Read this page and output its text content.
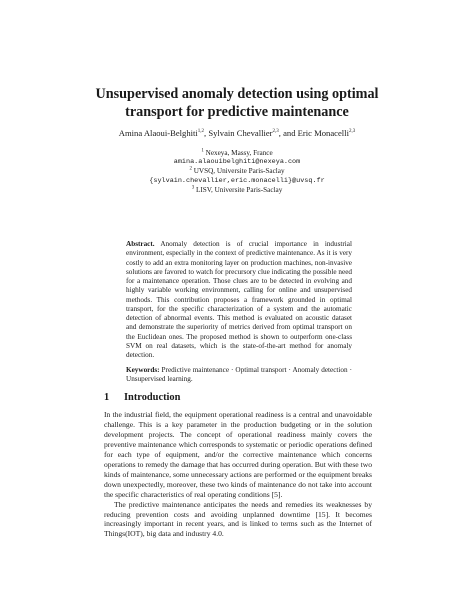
Unsupervised anomaly detection using optimal
transport for predictive maintenance
Amina Alaoui-Belghiti$^{1,2}$, Sylvain Chevallier$^{2,3}$, and Eric Monacelli$^{2,3}$
$^1$ Nexeya, Massy, France
amina.alaouibelghiti@nexeya.com
$^2$ UVSQ, Universite Paris-Saclay
{sylvain.chevallier,eric.monacelli}@uvsq.fr
$^3$ LISV, Universite Paris-Saclay

Abstract. Anomaly detection is of crucial importance in industrial environment, especially in the context of predictive maintenance. As it is very costly to add an extra monitoring layer on production machines, non-invasive solutions are favored to watch for precursory clue indicating the possible need for a maintenance operation. Those clues are to be detected in evolving and highly variable working environment, calling for online and unsupervised methods. This contribution proposes a framework grounded in optimal transport, for the specific characterization of a system and the automatic detection of abnormal events. This method is evaluated on acoustic dataset and demonstrate the superiority of metrics derived from optimal transport on the Euclidean ones. The proposed method is shown to outperform one-class SVM on real datasets, which is the state-of-the-art method for anomaly detection.

Keywords: Predictive maintenance · Optimal transport · Anomaly detection · Unsupervised learning.

1 Introduction

In the industrial field, the equipment operational readiness is a central and unavoidable challenge. This is a key parameter in the production budgeting or in the solution development projects. The concept of operational readiness mainly covers the preventive maintenance which corresponds to systematic or periodic operations defined for each type of equipment, and/or the corrective maintenance which concerns operations to remedy the damage that has occurred during operation. But with these two kinds of maintenance, some unnecessary actions are performed or the equipment breaks down unexpectedly, moreover, these two kinds of maintenance do not take into account the specific characteristics of real operating conditions [5].

The predictive maintenance anticipates the needs and remedies its weaknesses by reducing prevention costs and avoiding unplanned downtime [15]. It becomes increasingly important in recent years, and is linked to terms such as the Internet of Things(IOT), big data and industry 4.0.
